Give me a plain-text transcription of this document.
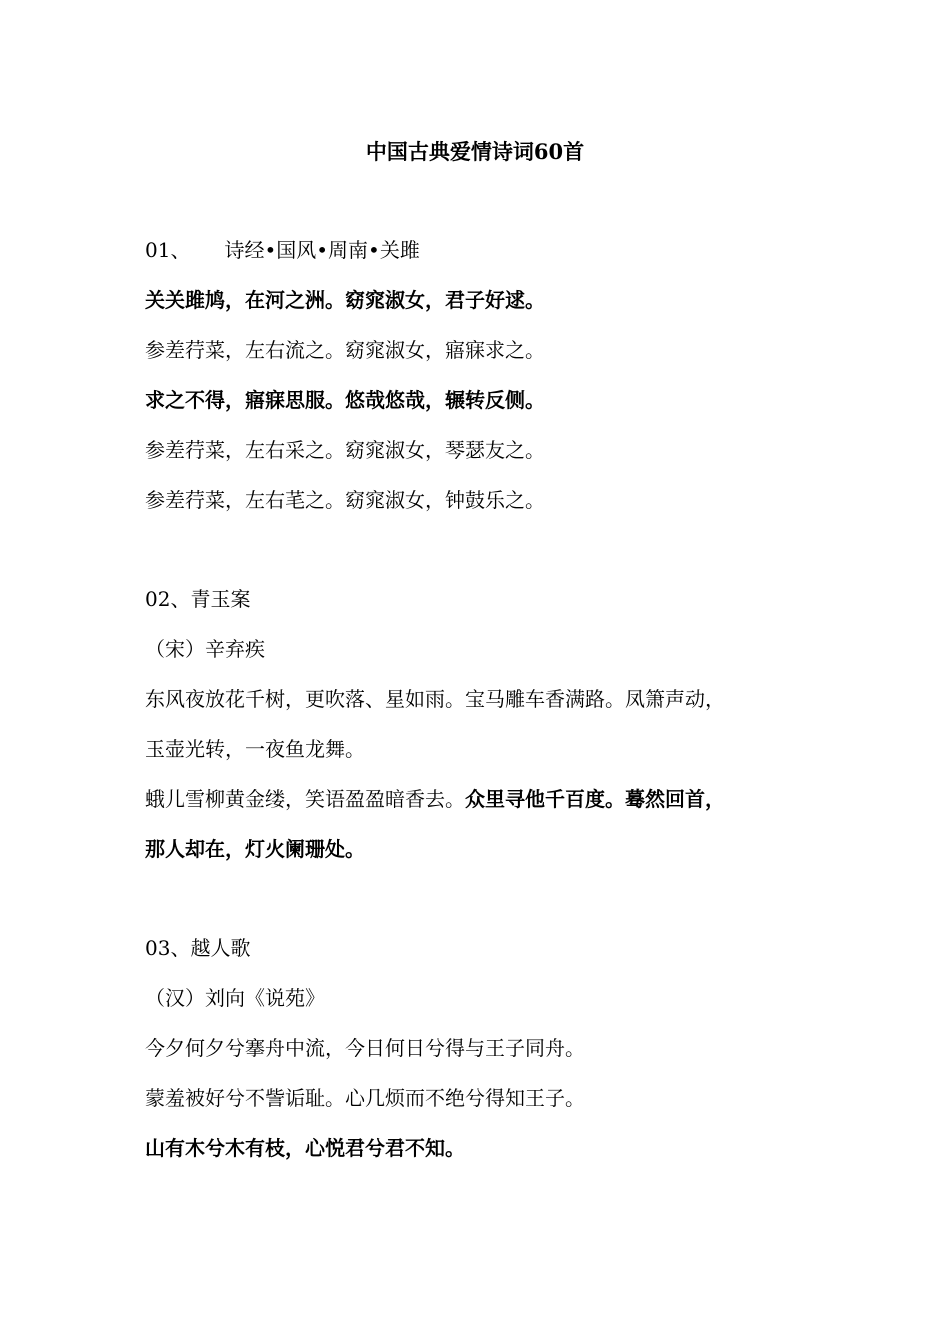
中国古典爱情诗词60首
01、 诗经•国风•周南•关雎
关关雎鸠，在河之洲。窈窕淑女，君子好逑。
参差荇菜，左右流之。窈窕淑女，寤寐求之。
求之不得，寤寐思服。悠哉悠哉，辗转反侧。
参差荇菜，左右采之。窈窕淑女，琴瑟友之。
参差荇菜，左右芼之。窈窕淑女，钟鼓乐之。
02、青玉案
（宋）辛弃疾
东风夜放花千树，更吹落、星如雨。宝马雕车香满路。凤箫声动，
玉壶光转，一夜鱼龙舞。
蛾儿雪柳黄金缕，笑语盈盈暗香去。众里寻他千百度。蓦然回首，
那人却在，灯火阑珊处。
03、越人歌
（汉）刘向《说苑》
今夕何夕兮搴舟中流，今日何日兮得与王子同舟。
蒙羞被好兮不訾诟耻。心几烦而不绝兮得知王子。
山有木兮木有枝，心悦君兮君不知。
